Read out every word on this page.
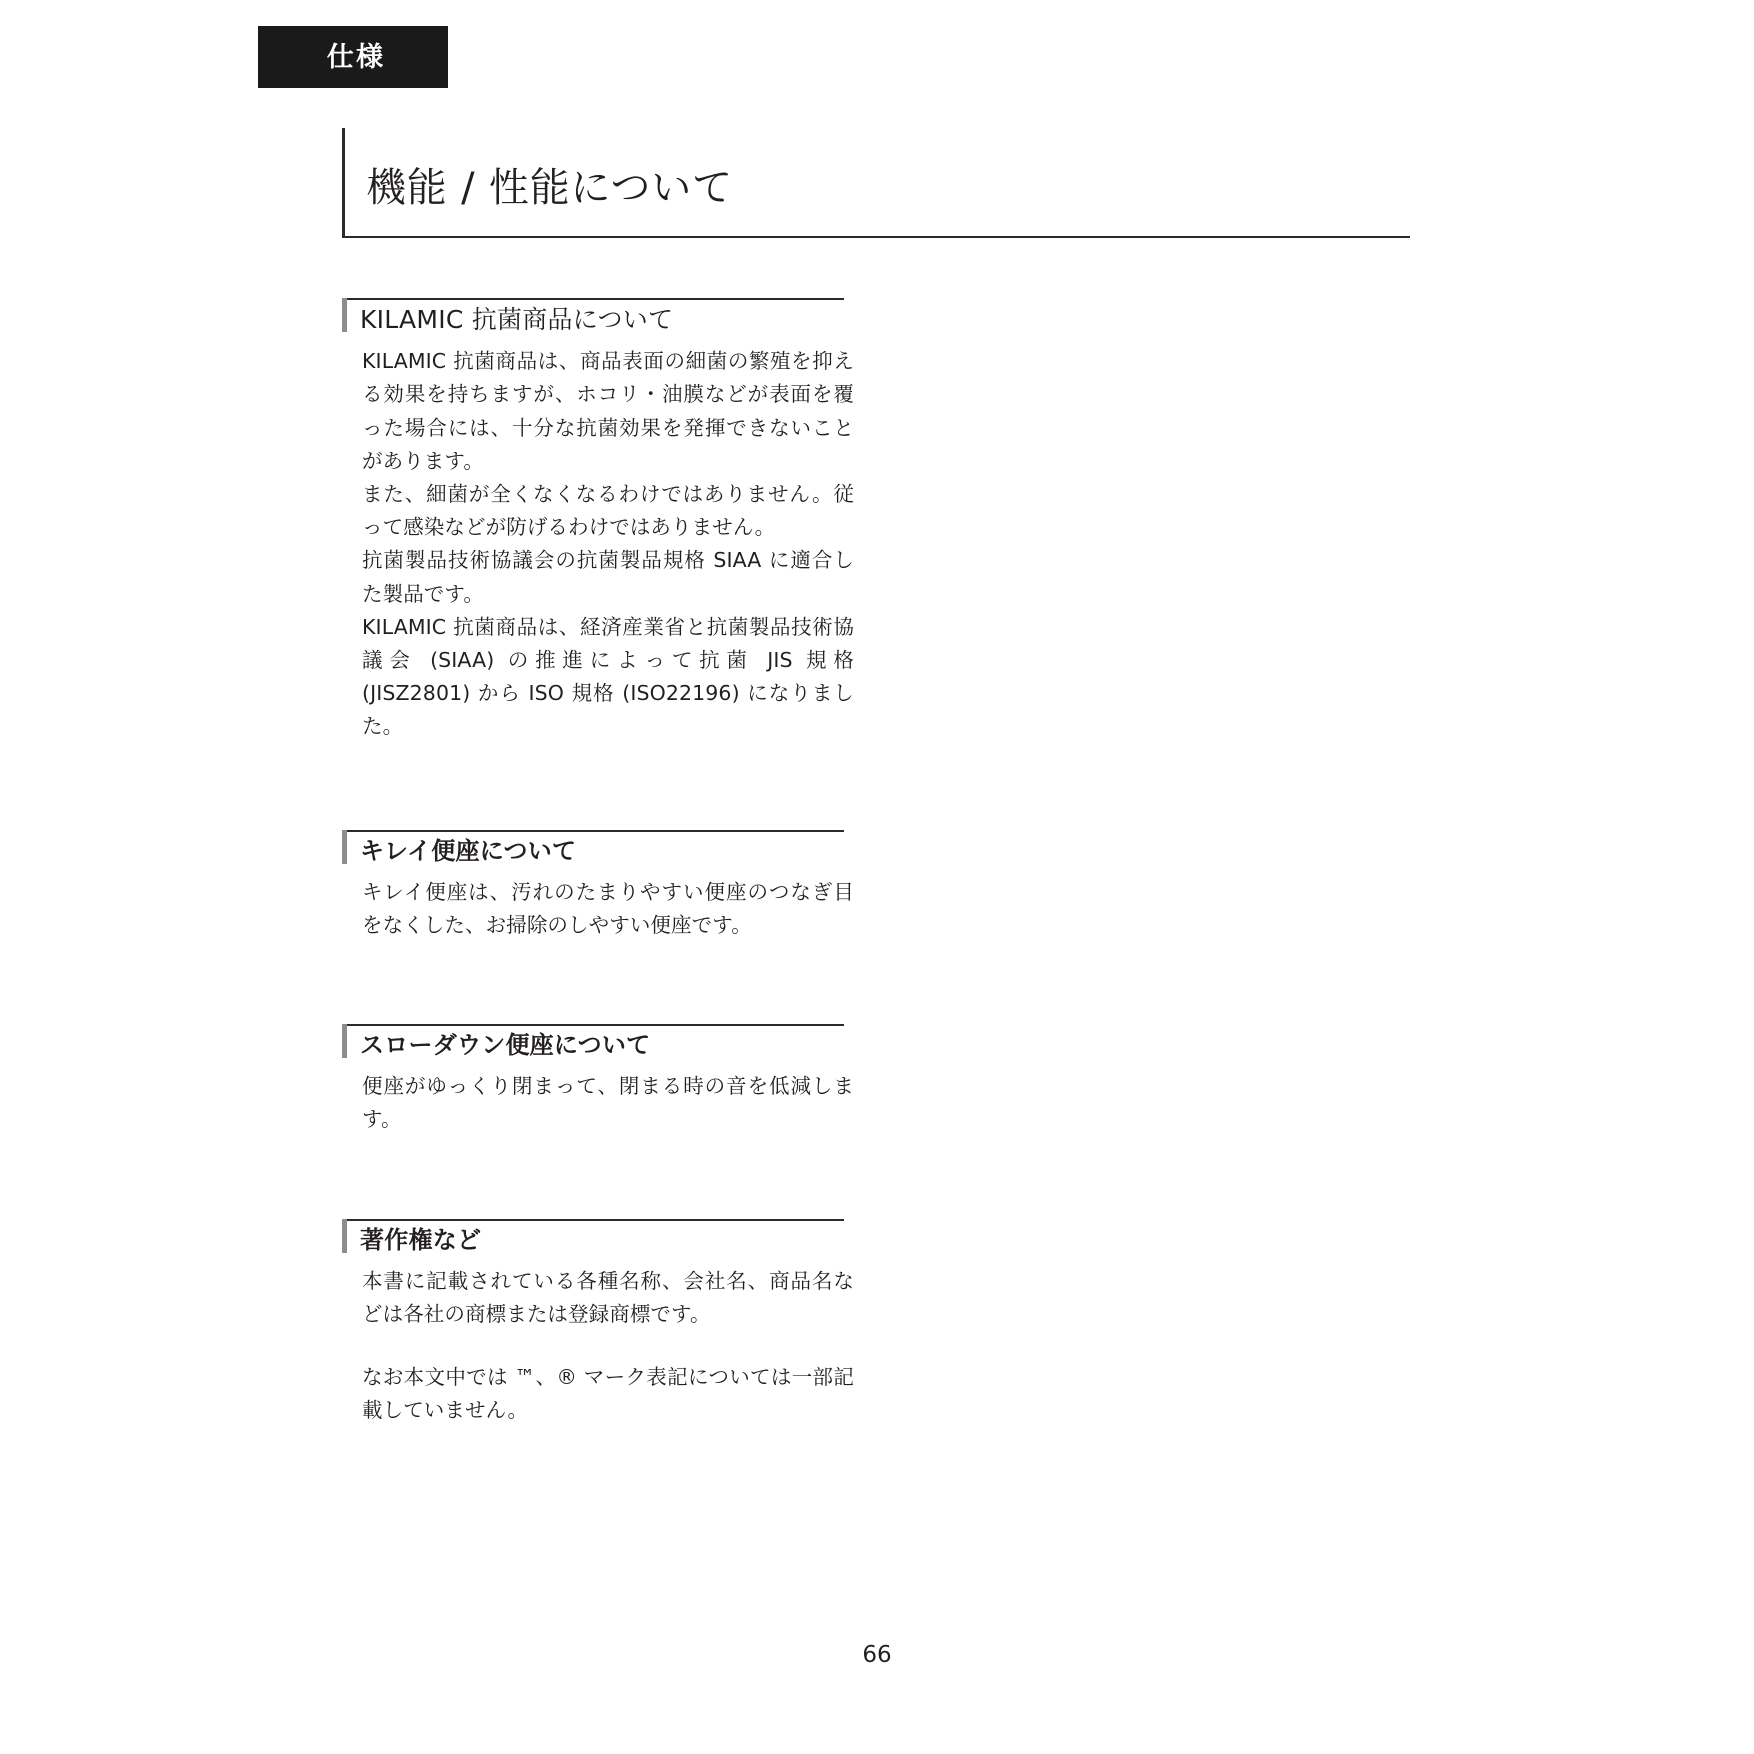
仕様
機能 / 性能について
KILAMIC 抗菌商品について

KILAMIC 抗菌商品は、商品表面の細菌の繁殖を抑える効果を持ちますが、ホコリ・油膜などが表面を覆った場合には、十分な抗菌効果を発揮できないことがあります。

また、細菌が全くなくなるわけではありません。従って感染などが防げるわけではありません。

抗菌製品技術協議会の抗菌製品規格 SIAA に適合した製品です。

KILAMIC 抗菌商品は、経済産業省と抗菌製品技術協議会 (SIAA) の推進によって抗菌 JIS 規格 (JISZ2801) から ISO 規格 (ISO22196) になりました。

キレイ便座について

キレイ便座は、汚れのたまりやすい便座のつなぎ目をなくした、お掃除のしやすい便座です。

スローダウン便座について

便座がゆっくり閉まって、閉まる時の音を低減します。

著作権など

本書に記載されている各種名称、会社名、商品名などは各社の商標または登録商標です。

なお本文中では ™、® マーク表記については一部記載していません。

66
